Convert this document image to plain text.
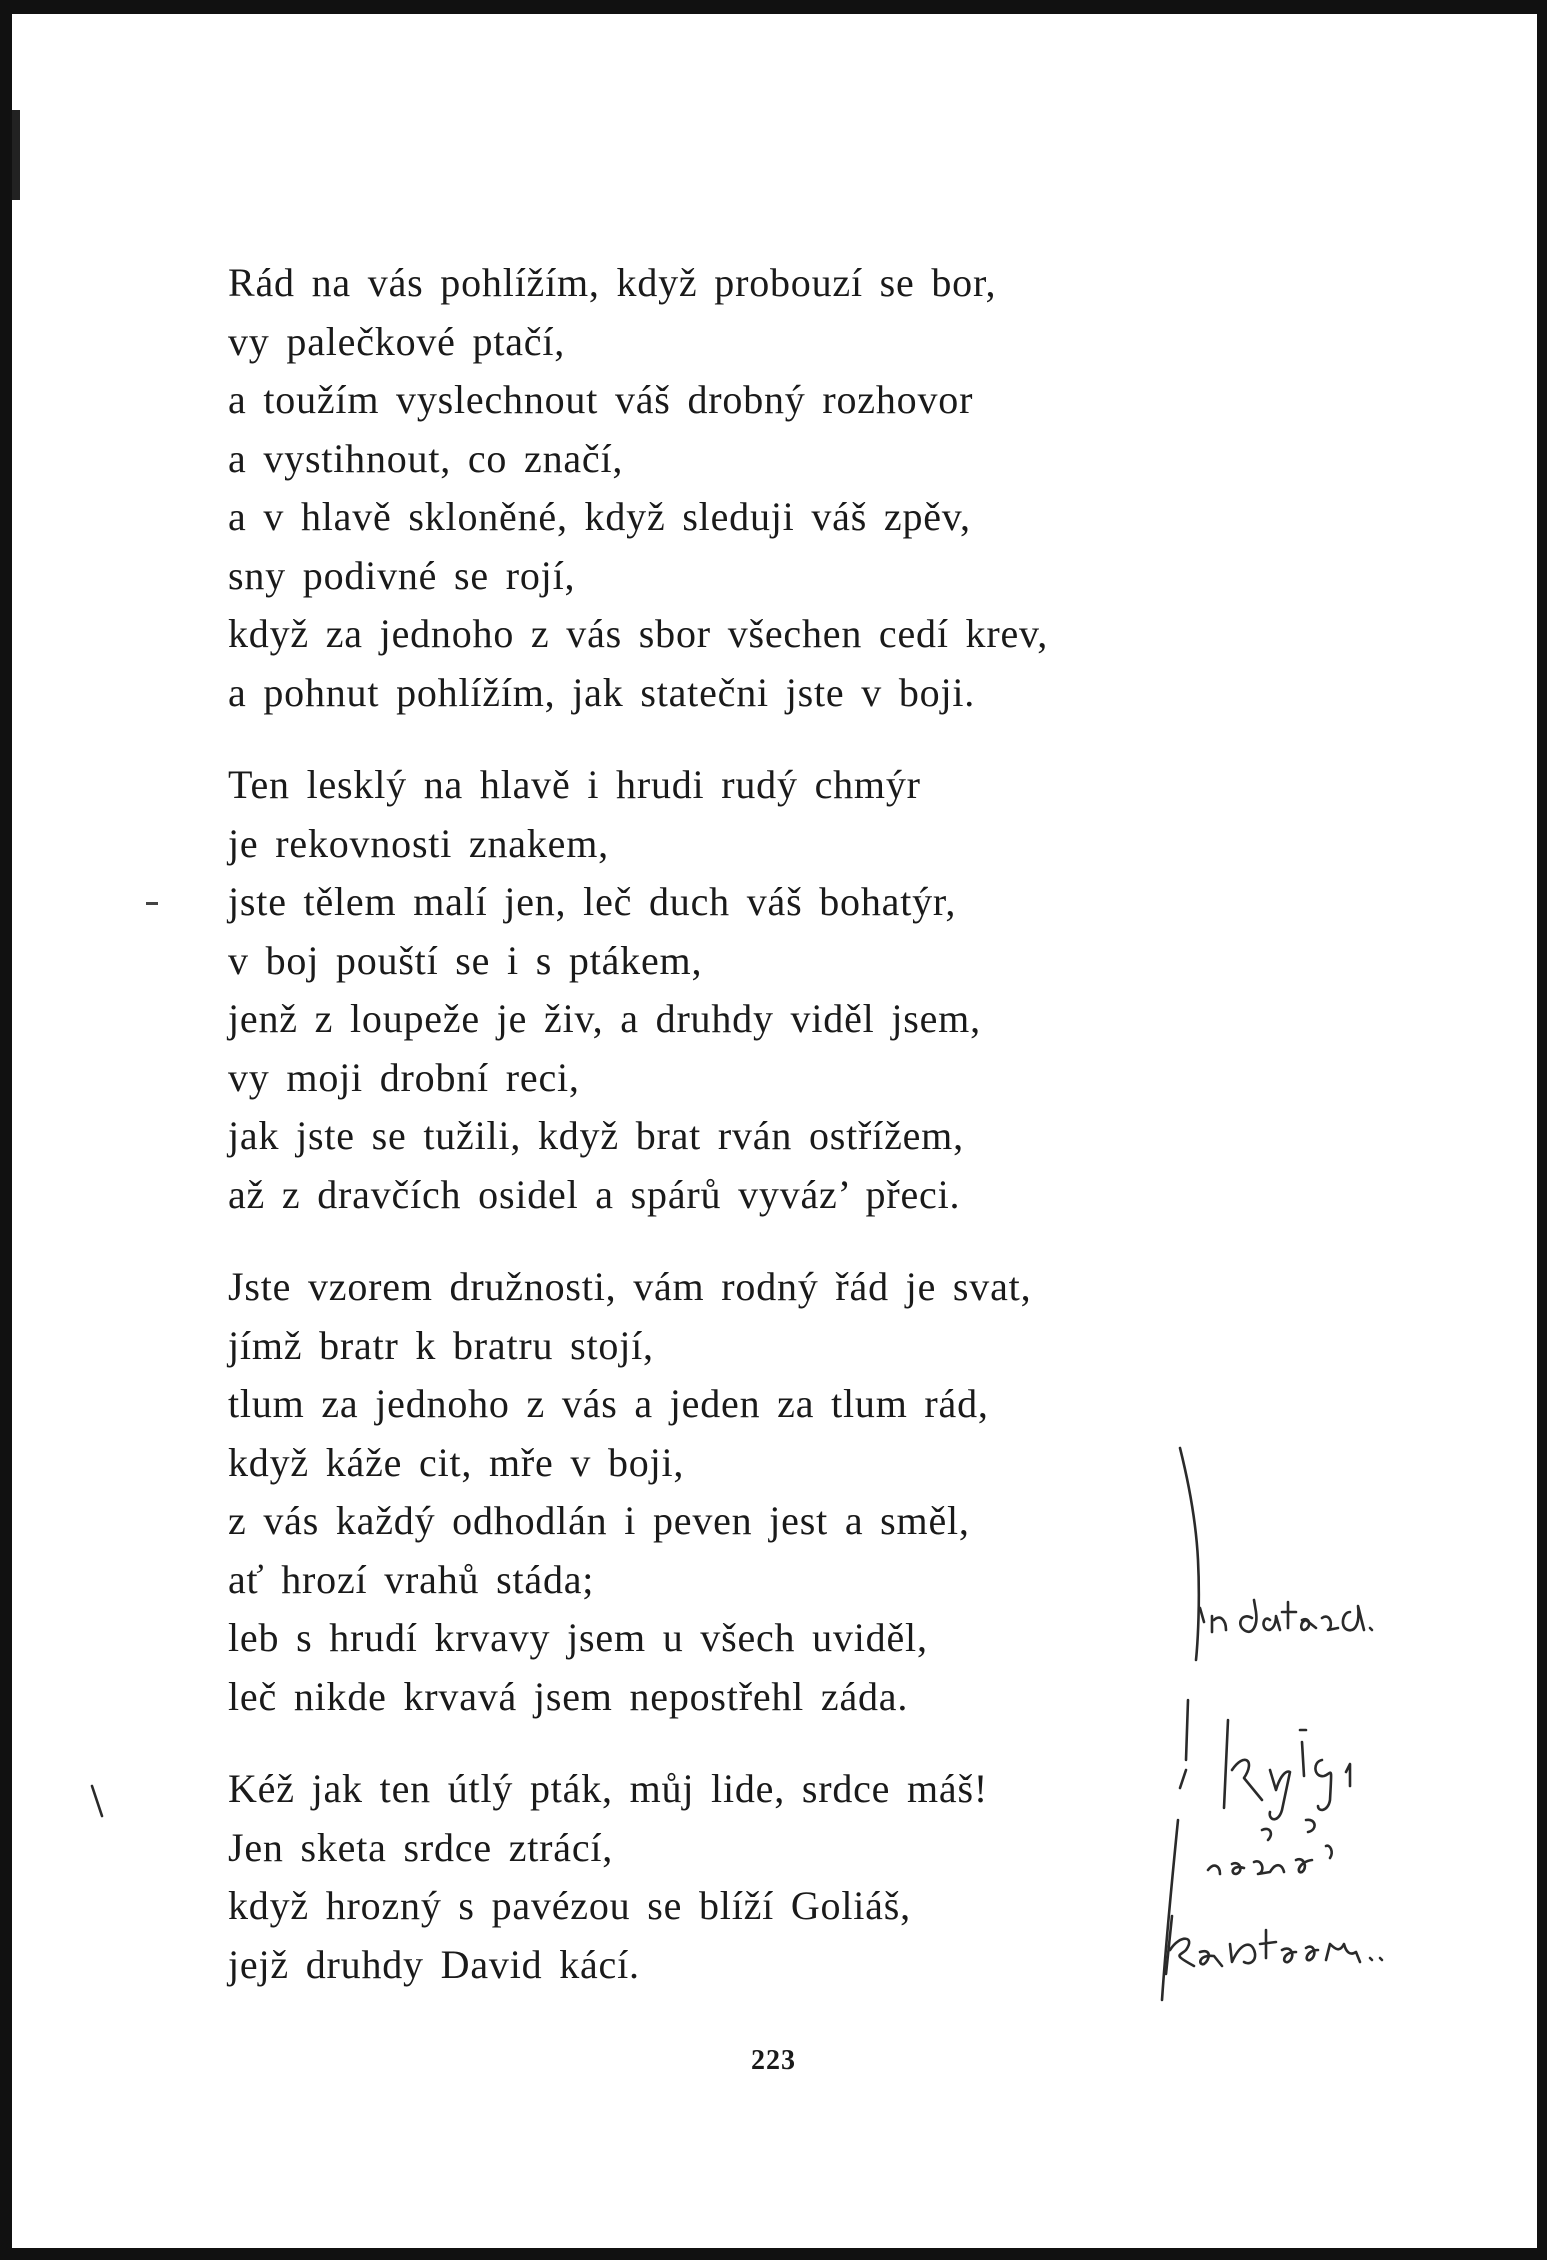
Rád na vás pohlížím, když probouzí se bor,
vy palečkové ptačí,
a toužím vyslechnout váš drobný rozhovor
a vystihnout, co značí,
a v hlavě skloněné, když sleduji váš zpěv,
sny podivné se rojí,
když za jednoho z vás sbor všechen cedí krev,
a pohnut pohlížím, jak statečni jste v boji.
Ten lesklý na hlavě i hrudi rudý chmýr
je rekovnosti znakem,
jste tělem malí jen, leč duch váš bohatýr,
v boj pouští se i s ptákem,
jenž z loupeže je živ, a druhdy viděl jsem,
vy moji drobní reci,
jak jste se tužili, když brat rván ostřížem,
až z dravčích osidel a spárů vyváz’ přeci.
Jste vzorem družnosti, vám rodný řád je svat,
jímž bratr k bratru stojí,
tlum za jednoho z vás a jeden za tlum rád,
když káže cit, mře v boji,
z vás každý odhodlán i peven jest a směl,
ať hrozí vrahů stáda;
leb s hrudí krvavy jsem u všech uviděl,
leč nikde krvavá jsem nepostřehl záda.
Kéž jak ten útlý pták, můj lide, srdce máš!
Jen sketa srdce ztrácí,
když hrozný s pavézou se blíží Goliáš,
jejž druhdy David kácí.
223
